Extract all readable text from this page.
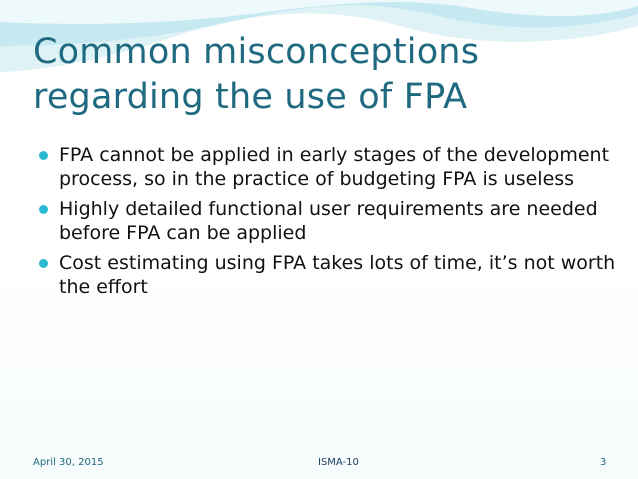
Common misconceptions
regarding the use of FPA
FPA cannot be applied in early stages of the development
process, so in the practice of budgeting FPA is useless
Highly detailed functional user requirements are needed
before FPA can be applied
Cost estimating using FPA takes lots of time, it’s not worth
the effort
April 30, 2015	ISMA-10	3
